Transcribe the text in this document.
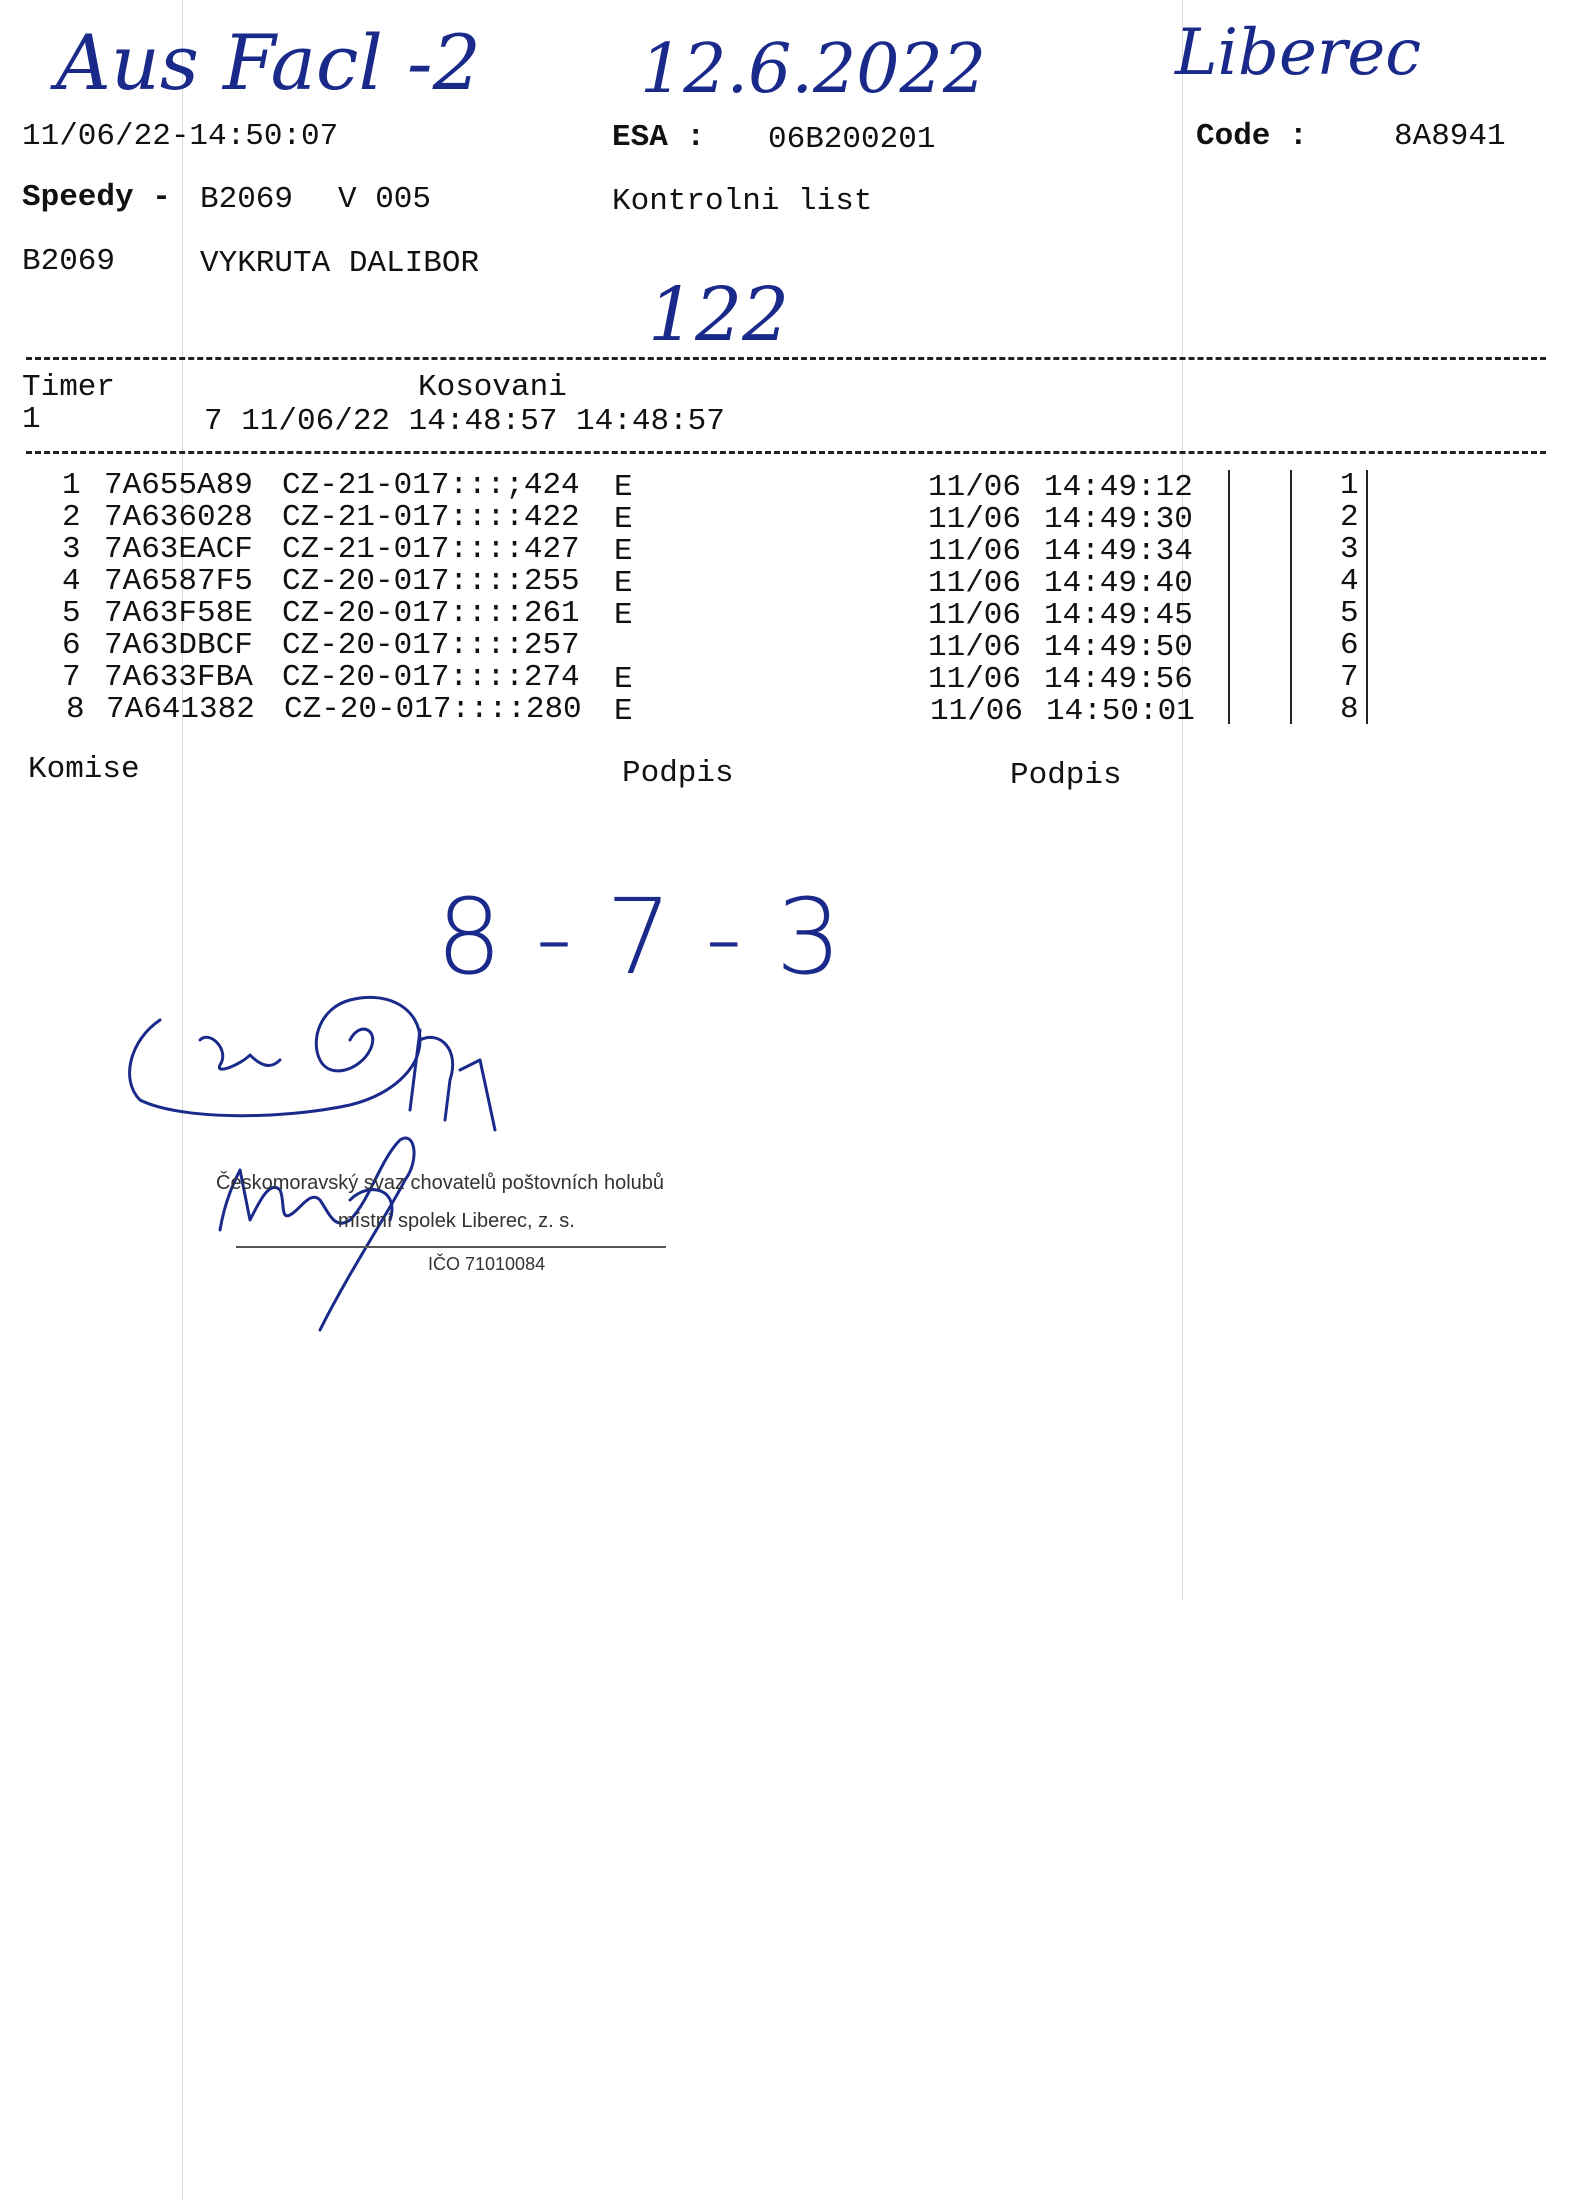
Aus Facl -2 12.6.2022	Liberec
11/06/22-14:50:07	ESA : 06B200201	Code :	8A8941
Speedy - B2069 V 005	Kontrolni list
B2069	VYKRUTA DALIBOR
122
Timer	Kosovani
1	7 11/06/22 14:48:57 14:48:57
1 7A655A89 CZ-21-017:::;424 E	11/06 14:49:12	1
2 7A636028 CZ-21-017::::422 E	11/06 14:49:30	2
3 7A63EACF CZ-21-017::::427 E	11/06 14:49:34	3
4 7A6587F5 CZ-20-017::::255 E	11/06 14:49:40	4
5 7A63F58E CZ-20-017::::261 E	11/06 14:49:45	5
6 7A63DBCF CZ-20-017::::257	11/06 14:49:50	6
7 7A633FBA CZ-20-017::::274 E	11/06 14:49:56	7
8 7A641382 CZ-20-017::::280 E	11/06 14:50:01	8
Komise	Podpis	Podpis
8 - 7 - 3
Českomoravský svaz chovatelů poštovních holubů
místní spolek Liberec, z. s.
IČO 71010084
